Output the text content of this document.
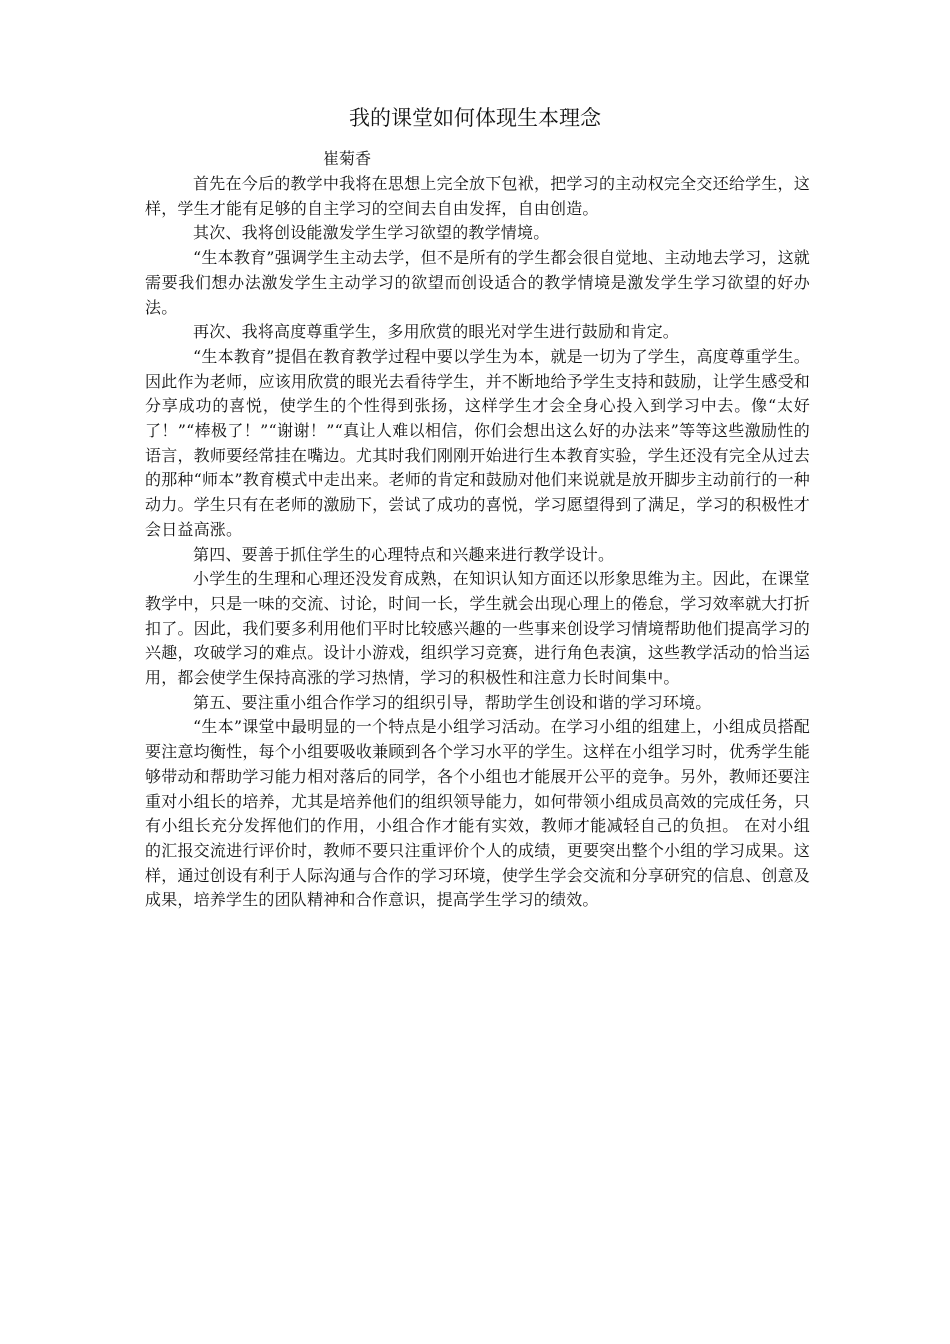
我的课堂如何体现生本理念
崔菊香

首先在今后的教学中我将在思想上完全放下包袱，把学习的主动权完全交还给学生，这样，学生才能有足够的自主学习的空间去自由发挥，自由创造。

其次、我将创设能激发学生学习欲望的教学情境。

“生本教育”强调学生主动去学，但不是所有的学生都会很自觉地、主动地去学习，这就需要我们想办法激发学生主动学习的欲望而创设适合的教学情境是激发学生学习欲望的好办法。

再次、我将高度尊重学生，多用欣赏的眼光对学生进行鼓励和肯定。

“生本教育”提倡在教育教学过程中要以学生为本，就是一切为了学生，高度尊重学生。因此作为老师，应该用欣赏的眼光去看待学生，并不断地给予学生支持和鼓励，让学生感受和分享成功的喜悦，使学生的个性得到张扬，这样学生才会全身心投入到学习中去。像“太好了！”“棒极了！”“谢谢！”“真让人难以相信，你们会想出这么好的办法来”等等这些激励性的语言，教师要经常挂在嘴边。尤其时我们刚刚开始进行生本教育实验，学生还没有完全从过去的那种“师本”教育模式中走出来。老师的肯定和鼓励对他们来说就是放开脚步主动前行的一种动力。学生只有在老师的激励下，尝试了成功的喜悦，学习愿望得到了满足，学习的积极性才会日益高涨。

第四、要善于抓住学生的心理特点和兴趣来进行教学设计。

小学生的生理和心理还没发育成熟，在知识认知方面还以形象思维为主。因此，在课堂教学中，只是一味的交流、讨论，时间一长，学生就会出现心理上的倦怠，学习效率就大打折扣了。因此，我们要多利用他们平时比较感兴趣的一些事来创设学习情境帮助他们提高学习的兴趣，攻破学习的难点。设计小游戏，组织学习竞赛，进行角色表演，这些教学活动的恰当运用，都会使学生保持高涨的学习热情，学习的积极性和注意力长时间集中。

第五、要注重小组合作学习的组织引导，帮助学生创设和谐的学习环境。

“生本”课堂中最明显的一个特点是小组学习活动。在学习小组的组建上，小组成员搭配要注意均衡性，每个小组要吸收兼顾到各个学习水平的学生。这样在小组学习时，优秀学生能够带动和帮助学习能力相对落后的同学，各个小组也才能展开公平的竞争。另外，教师还要注重对小组长的培养，尤其是培养他们的组织领导能力，如何带领小组成员高效的完成任务，只有小组长充分发挥他们的作用，小组合作才能有实效，教师才能减轻自己的负担。 在对小组的汇报交流进行评价时，教师不要只注重评价个人的成绩，更要突出整个小组的学习成果。这样，通过创设有利于人际沟通与合作的学习环境，使学生学会交流和分享研究的信息、创意及成果，培养学生的团队精神和合作意识，提高学生学习的绩效。
